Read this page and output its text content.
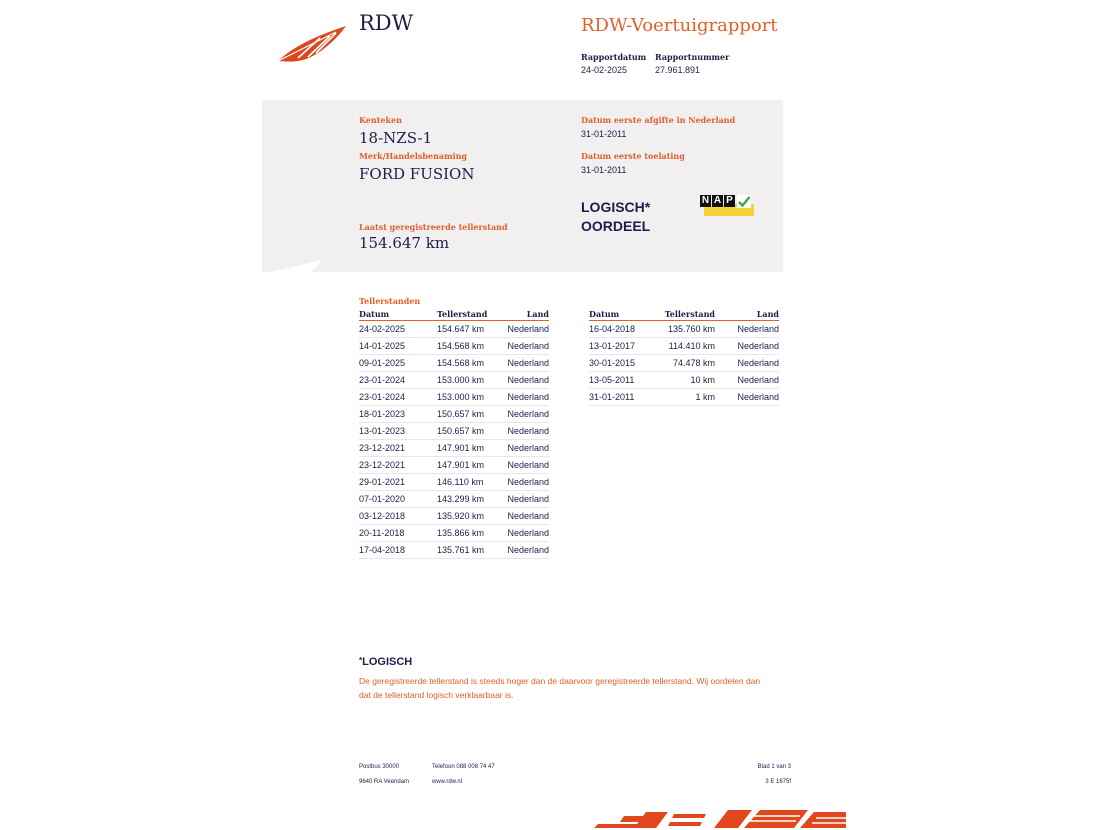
RDW	RDW-Voertuigrapport
Rapportdatum
24-02-2025
Rapportnummer
27.961.891
Kenteken
18-NZS-1
Merk/Handelsbenaming
FORD FUSION
Laatst geregistreerde tellerstand
154.647 km
Datum eerste afgifte in Nederland
31-01-2011
Datum eerste toelating
31-01-2011
LOGISCH*
OORDEEL
N A P
Tellerstanden
Datum	Tellerstand	Land
24-02-2025	154.647 km	Nederland
14-01-2025	154.568 km	Nederland
09-01-2025	154.568 km	Nederland
23-01-2024	153.000 km	Nederland
23-01-2024	153.000 km	Nederland
18-01-2023	150.657 km	Nederland
13-01-2023	150.657 km	Nederland
23-12-2021	147.901 km	Nederland
23-12-2021	147.901 km	Nederland
29-01-2021	146.110 km	Nederland
07-01-2020	143.299 km	Nederland
03-12-2018	135.920 km	Nederland
20-11-2018	135.866 km	Nederland
17-04-2018	135.761 km	Nederland
Datum	Tellerstand	Land
16-04-2018	135.760 km	Nederland
13-01-2017	114.410 km	Nederland
30-01-2015	74.478 km	Nederland
13-05-2011	10 km	Nederland
31-01-2011	1 km	Nederland
*LOGISCH
De geregistreerde tellerstand is steeds hoger dan de daarvoor geregistreerde tellerstand. Wij oordelen dan
dat de tellerstand logisch verklaarbaar is.
Postbus 30000
9640 RA Veendam
Telefoon 088 008 74 47
www.rdw.nl
Blad 1 van 3
3 E 1675f
